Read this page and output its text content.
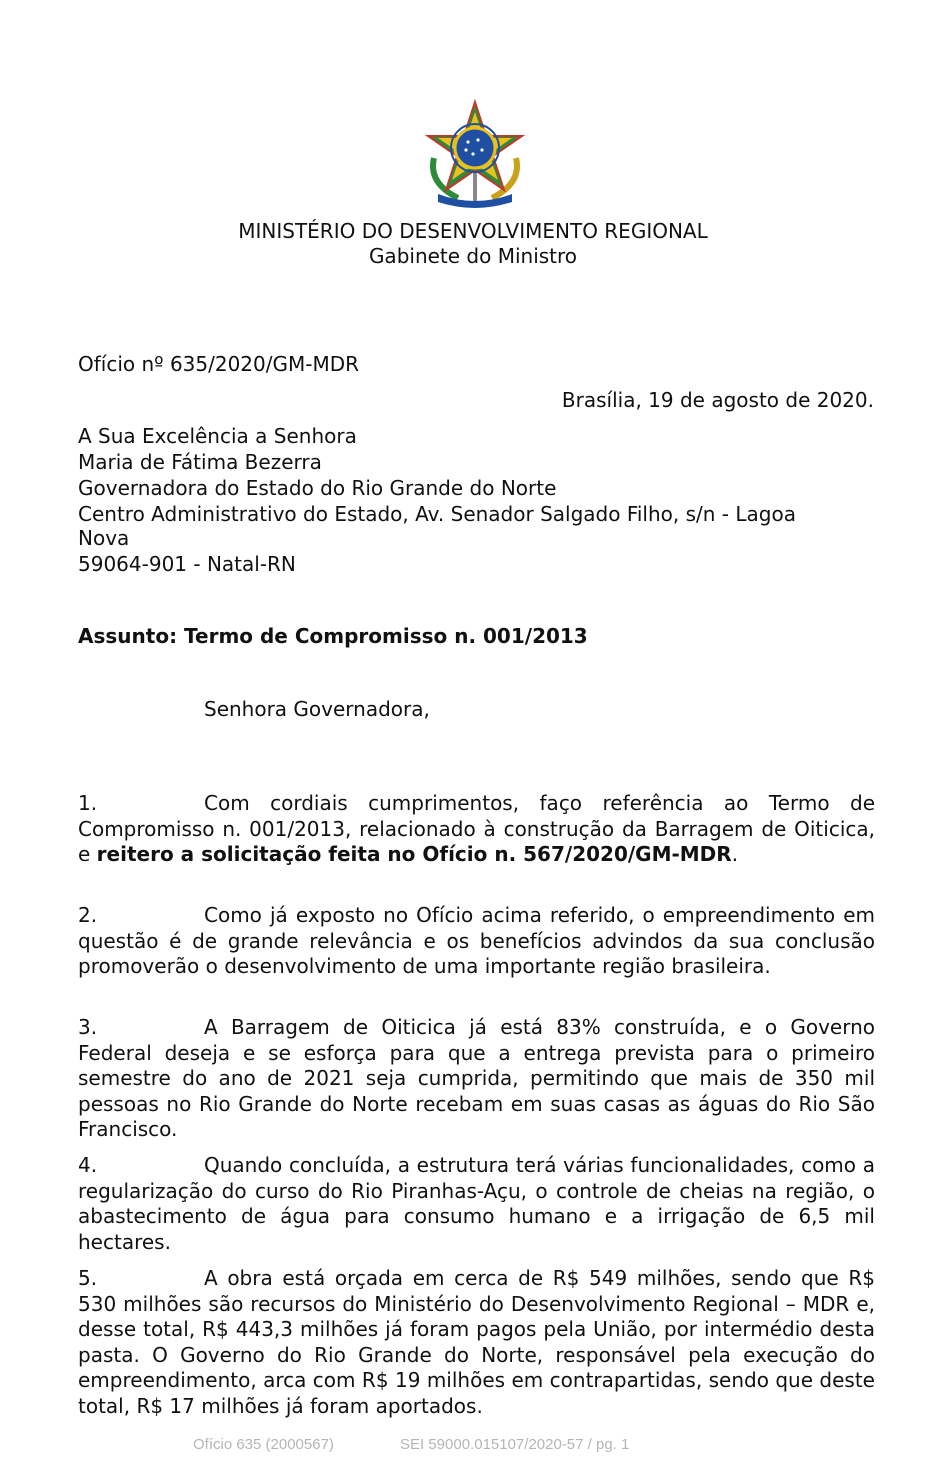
MINISTÉRIO DO DESENVOLVIMENTO REGIONAL
Gabinete do Ministro
Ofício nº 635/2020/GM-MDR
Brasília, 19 de agosto de 2020.
A Sua Excelência a Senhora
Maria de Fátima Bezerra
Governadora do Estado do Rio Grande do Norte
Centro Administrativo do Estado, Av. Senador Salgado Filho, s/n - Lagoa
Nova
59064-901 - Natal-RN
Assunto: Termo de Compromisso n. 001/2013
Senhora Governadora,
1.	Com cordiais cumprimentos, faço referência ao Termo de Compromisso n. 001/2013, relacionado à construção da Barragem de Oiticica, e reitero a solicitação feita no Ofício n. 567/2020/GM-MDR.
2.	Como já exposto no Ofício acima referido, o empreendimento em questão é de grande relevância e os benefícios advindos da sua conclusão promoverão o desenvolvimento de uma importante região brasileira.
3.	A Barragem de Oiticica já está 83% construída, e o Governo Federal deseja e se esforça para que a entrega prevista para o primeiro semestre do ano de 2021 seja cumprida, permitindo que mais de 350 mil pessoas no Rio Grande do Norte recebam em suas casas as águas do Rio São Francisco.
4.	Quando concluída, a estrutura terá várias funcionalidades, como a regularização do curso do Rio Piranhas-Açu, o controle de cheias na região, o abastecimento de água para consumo humano e a irrigação de 6,5 mil hectares.
5.	A obra está orçada em cerca de R$ 549 milhões, sendo que R$ 530 milhões são recursos do Ministério do Desenvolvimento Regional – MDR e, desse total, R$ 443,3 milhões já foram pagos pela União, por intermédio desta pasta. O Governo do Rio Grande do Norte, responsável pela execução do empreendimento, arca com R$ 19 milhões em contrapartidas, sendo que deste total, R$ 17 milhões já foram aportados.
Ofício 635 (2000567)	SEI 59000.015107/2020-57 / pg. 1
